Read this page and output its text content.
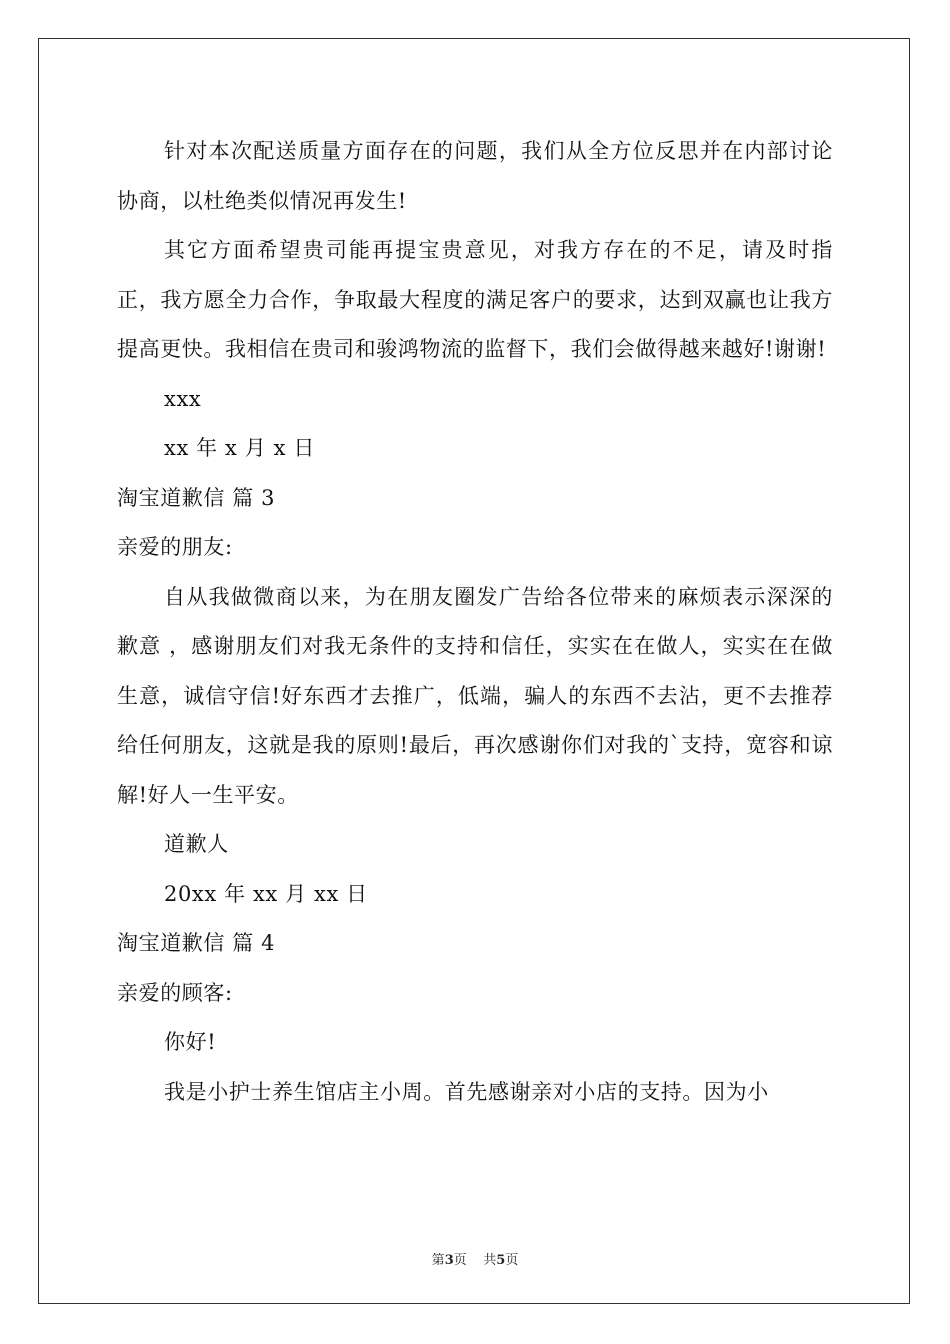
针对本次配送质量方面存在的问题，我们从全方位反思并在内部讨论协商，以杜绝类似情况再发生!

其它方面希望贵司能再提宝贵意见，对我方存在的不足，请及时指正，我方愿全力合作，争取最大程度的满足客户的要求，达到双赢也让我方提高更快。我相信在贵司和骏鸿物流的监督下，我们会做得越来越好!谢谢!

xxx

xx 年 x 月 x 日

淘宝道歉信 篇 3

亲爱的朋友:

自从我做微商以来，为在朋友圈发广告给各位带来的麻烦表示深深的歉意 ，感谢朋友们对我无条件的支持和信任，实实在在做人，实实在在做生意，诚信守信!好东西才去推广，低端，骗人的东西不去沾，更不去推荐给任何朋友，这就是我的原则!最后，再次感谢你们对我的`支持，宽容和谅解!好人一生平安。

道歉人

20xx 年 xx 月 xx 日

淘宝道歉信 篇 4

亲爱的顾客:

你好!

我是小护士养生馆店主小周。首先感谢亲对小店的支持。因为小

第3页    共5页
